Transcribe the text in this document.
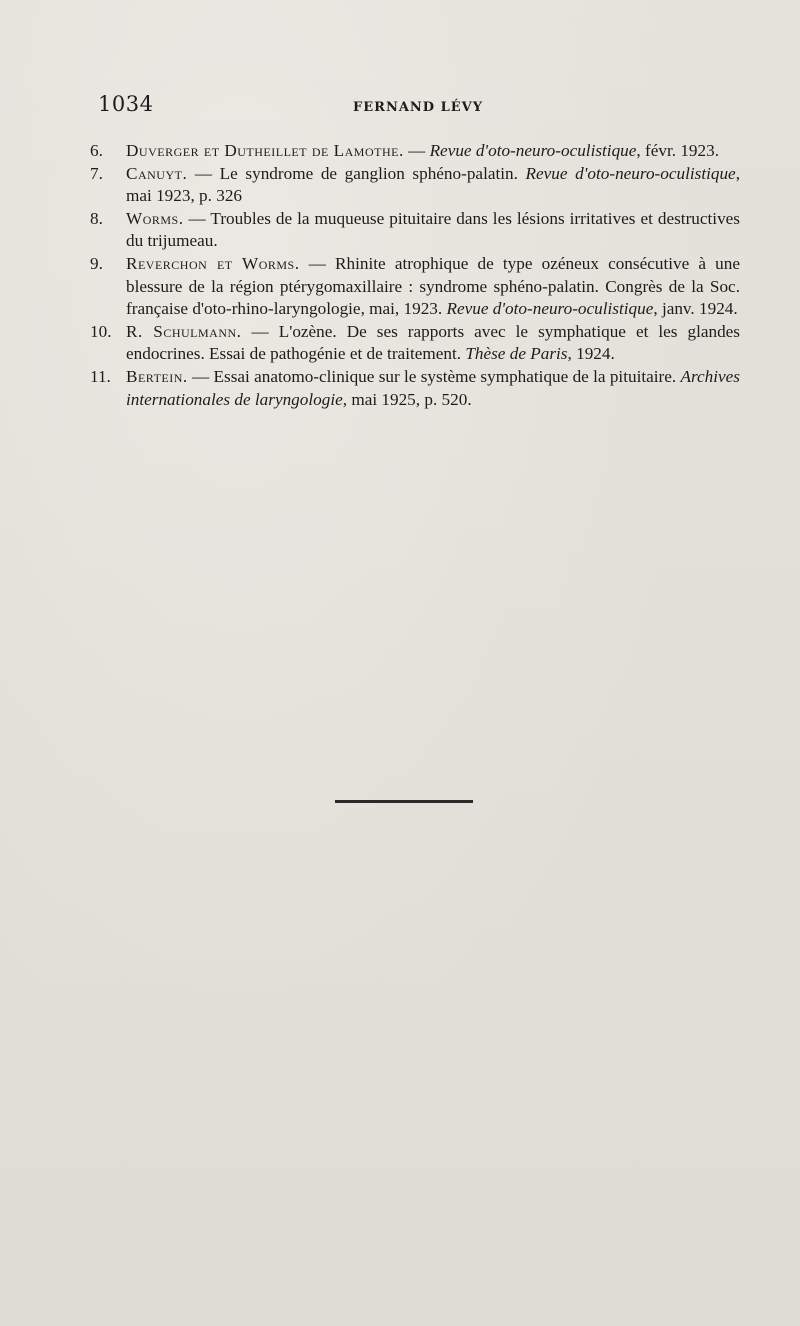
1034	FERNAND LÉVY
6.	Duverger et Dutheillet de Lamothe. — Revue d'oto-neuro-oculistique, févr. 1923.
7.	Canuyt. — Le syndrome de ganglion sphéno-palatin. Revue d'oto-neuro-oculistique, mai 1923, p. 326
8.	Worms. — Troubles de la muqueuse pituitaire dans les lésions irritatives et destructives du trijumeau.
9.	Reverchon et Worms. — Rhinite atrophique de type ozéneux consécutive à une blessure de la région ptérygomaxillaire : syndrome sphéno-palatin. Congrès de la Soc. française d'oto-rhino-laryngologie, mai, 1923. Revue d'oto-neuro-oculistique, janv. 1924.
10. R. Schulmann. — L'ozène. De ses rapports avec le symphatique et les glandes endocrines. Essai de pathogénie et de traitement. Thèse de Paris, 1924.
11. Bertein. — Essai anatomo-clinique sur le système symphatique de la pituitaire. Archives internationales de laryngologie, mai 1925, p. 520.
